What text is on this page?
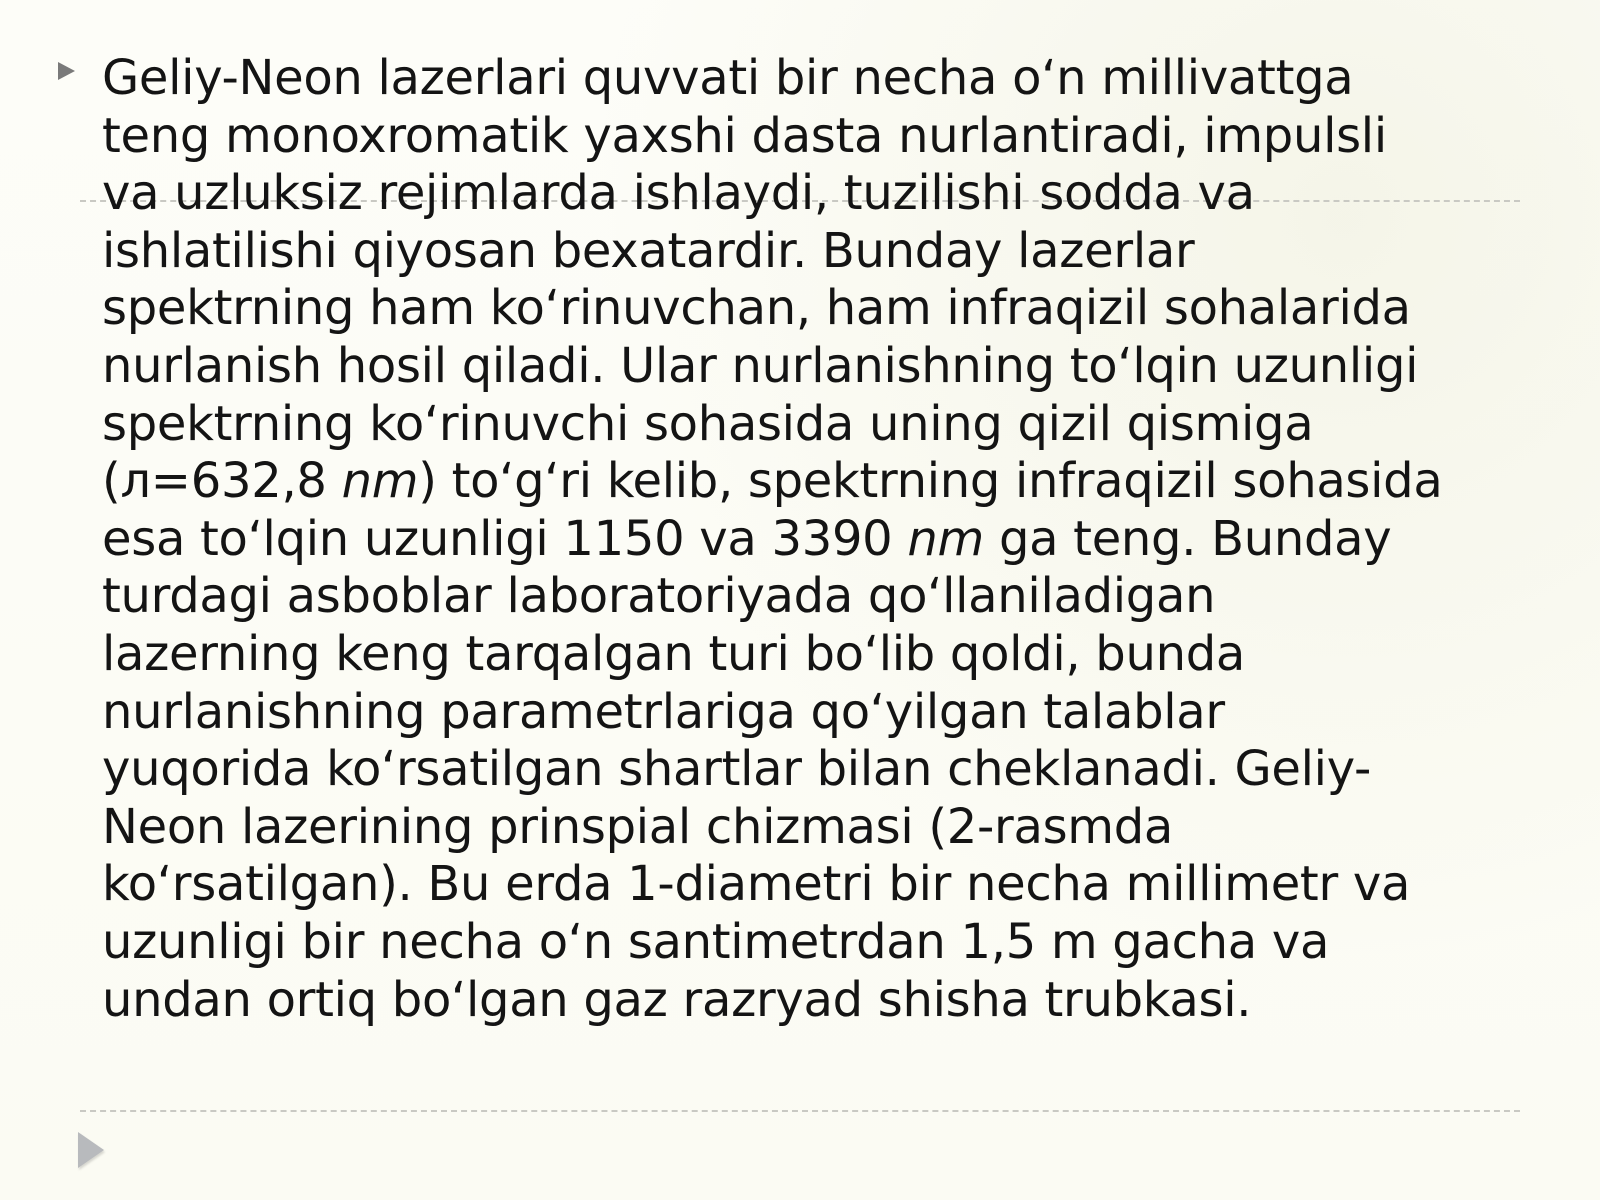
Geliy-Neon lazerlari quvvati bir necha o‘n millivattga
teng monoxromatik yaxshi dasta nurlantiradi, impulsli
va uzluksiz rejimlarda ishlaydi, tuzilishi sodda va
ishlatilishi qiyosan bexatardir. Bunday lazerlar
spektrning ham ko‘rinuvchan, ham infraqizil sohalarida
nurlanish hosil qiladi. Ular nurlanishning to‘lqin uzunligi
spektrning ko‘rinuvchi sohasida uning qizil qismiga
(л=632,8 nm) to‘g‘ri kelib, spektrning infraqizil sohasida
esa to‘lqin uzunligi 1150 va 3390 nm ga teng. Bunday
turdagi asboblar laboratoriyada qo‘llaniladigan
lazerning keng tarqalgan turi bo‘lib qoldi, bunda
nurlanishning parametrlariga qo‘yilgan talablar
yuqorida ko‘rsatilgan shartlar bilan cheklanadi. Geliy-
Neon lazerining prinspial chizmasi (2-rasmda
ko‘rsatilgan). Bu erda 1-diametri bir necha millimetr va
uzunligi bir necha o‘n santimetrdan 1,5 m gacha va
undan ortiq bo‘lgan gaz razryad shisha trubkasi.
